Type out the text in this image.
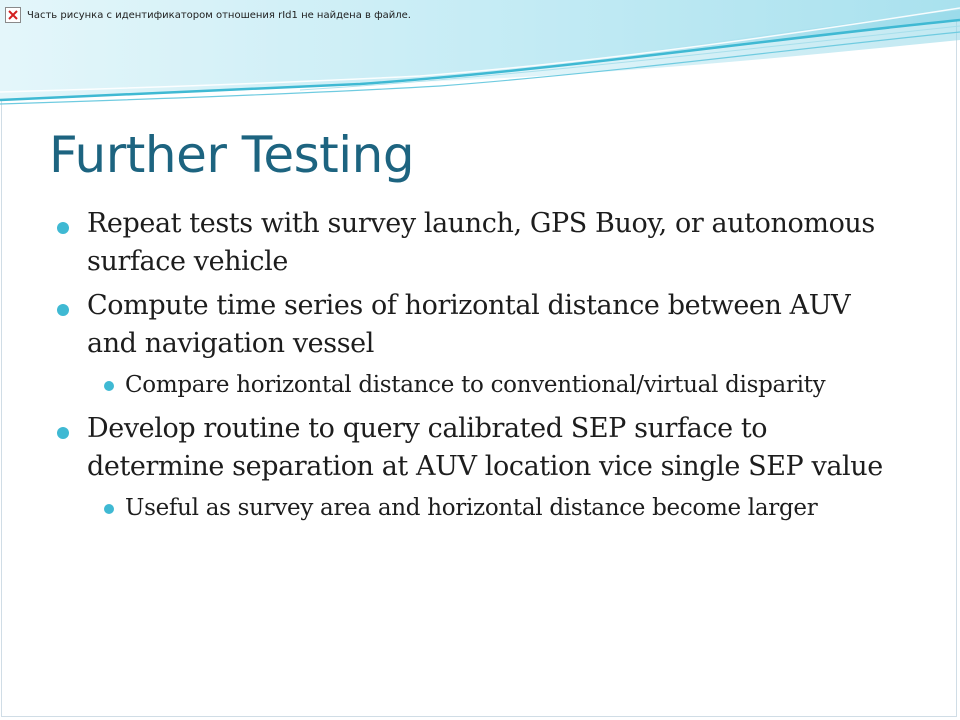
Часть рисунка с идентификатором отношения rId1 не найдена в файле.
Further Testing
Repeat tests with survey launch, GPS Buoy, or autonomous surface vehicle
Compute time series of horizontal distance between AUV and navigation vessel
Compare horizontal distance to conventional/virtual disparity
Develop routine to query calibrated SEP surface to determine separation at AUV location vice single SEP value
Useful as survey area and horizontal distance become larger
